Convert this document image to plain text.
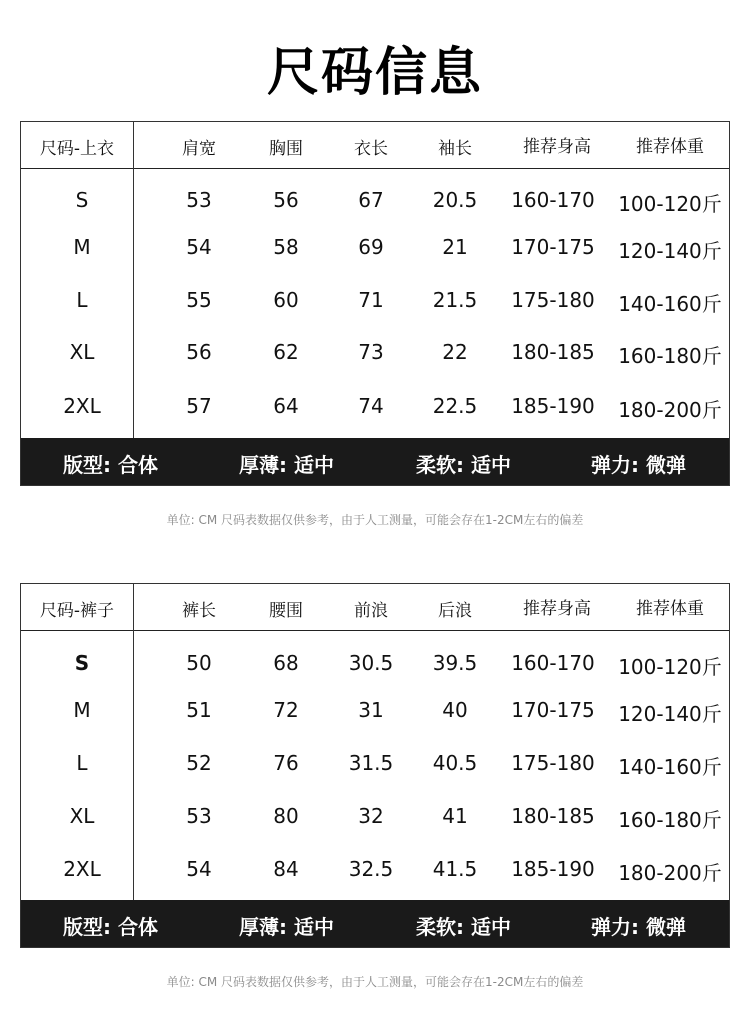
尺码信息
尺码-上衣	肩宽	胸围	衣长	袖长	推荐身高	推荐体重
S	53	56	67	20.5	160-170	100-120斤
M	54	58	69	21	170-175	120-140斤
L	55	60	71	21.5	175-180	140-160斤
XL	56	62	73	22	180-185	160-180斤
2XL	57	64	74	22.5	185-190	180-200斤
版型: 合体	厚薄: 适中	柔软: 适中	弹力: 微弹
单位: CM 尺码表数据仅供参考，由于人工测量，可能会存在1-2CM左右的偏差
尺码-裤子	裤长	腰围	前浪	后浪	推荐身高	推荐体重
S	50	68	30.5	39.5	160-170	100-120斤
M	51	72	31	40	170-175	120-140斤
L	52	76	31.5	40.5	175-180	140-160斤
XL	53	80	32	41	180-185	160-180斤
2XL	54	84	32.5	41.5	185-190	180-200斤
版型: 合体	厚薄: 适中	柔软: 适中	弹力: 微弹
单位: CM 尺码表数据仅供参考，由于人工测量，可能会存在1-2CM左右的偏差
